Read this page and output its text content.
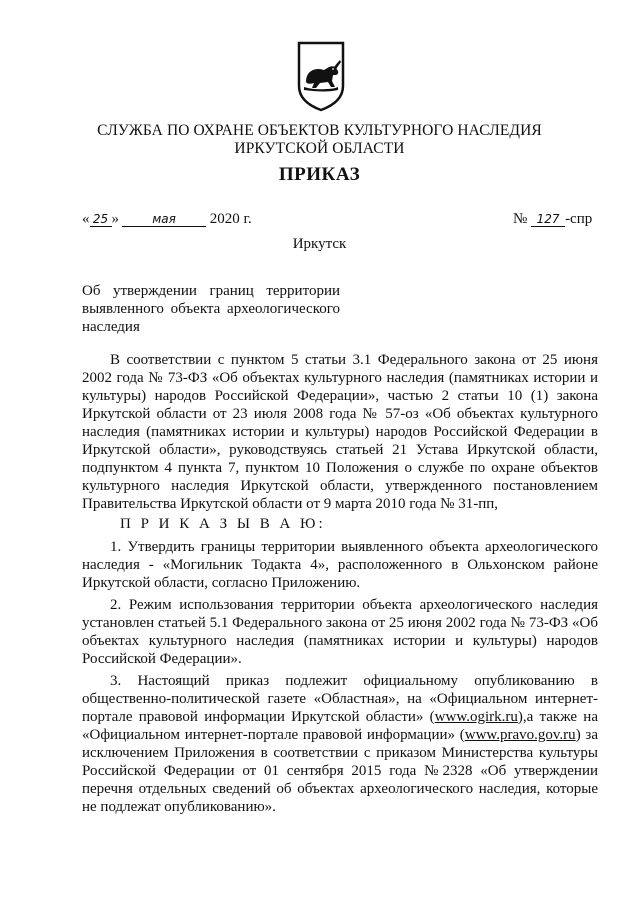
СЛУЖБА ПО ОХРАНЕ ОБЪЕКТОВ КУЛЬТУРНОГО НАСЛЕДИЯ
ИРКУТСКОЙ ОБЛАСТИ
ПРИКАЗ
« 25 »	мая 2020 г.	№ 127 -спр
Иркутск
Об утверждении границ территории выявленного объекта археологического наследия

В соответствии с пунктом 5 статьи 3.1 Федерального закона от 25 июня 2002 года № 73-ФЗ «Об объектах культурного наследия (памятниках истории и культуры) народов Российской Федерации», частью 2 статьи 10 (1) закона Иркутской области от 23 июля 2008 года № 57-оз «Об объектах культурного наследия (памятниках истории и культуры) народов Российской Федерации в Иркутской области», руководствуясь статьей 21 Устава Иркутской области, подпунктом 4 пункта 7, пунктом 10 Положения о службе по охране объектов культурного наследия Иркутской области, утвержденного постановлением Правительства Иркутской области от 9 марта 2010 года № 31-пп,

П Р И К А З Ы В А Ю:

1. Утвердить границы территории выявленного объекта археологического наследия - «Могильник Тодакта 4», расположенного в Ольхонском районе Иркутской области, согласно Приложению.

2. Режим использования территории объекта археологического наследия установлен статьей 5.1 Федерального закона от 25 июня 2002 года № 73-ФЗ «Об объектах культурного наследия (памятниках истории и культуры) народов Российской Федерации».

3. Настоящий приказ подлежит официальному опубликованию в общественно-политической газете «Областная», на «Официальном интернет-портале правовой информации Иркутской области» (www.ogirk.ru),а также на «Официальном интернет-портале правовой информации» (www.pravo.gov.ru) за исключением Приложения в соответствии с приказом Министерства культуры Российской Федерации от 01 сентября 2015 года №2328 «Об утверждении перечня отдельных сведений об объектах археологического наследия, которые не подлежат опубликованию».
